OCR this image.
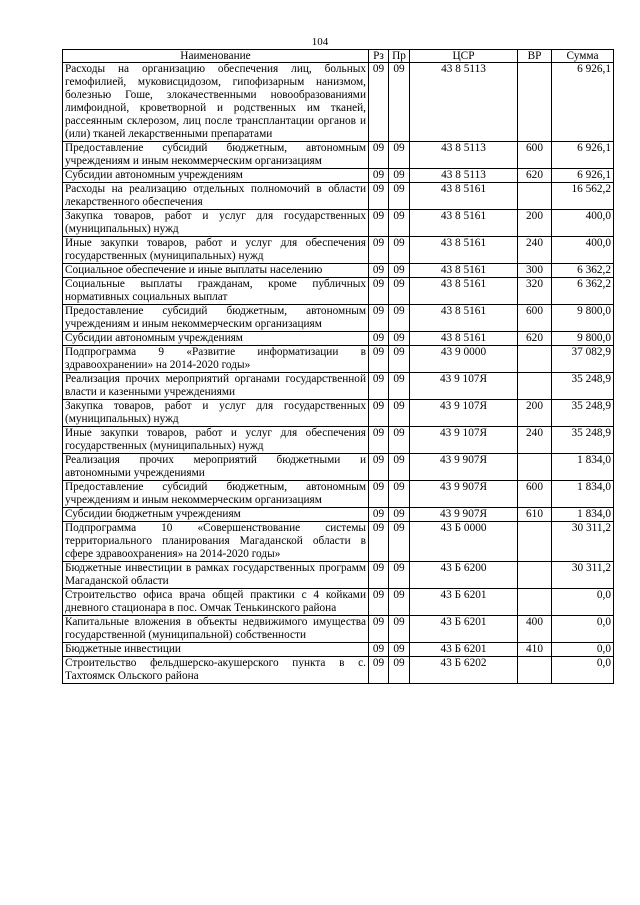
104
Наименование	Рз	Пр	ЦСР	ВР	Сумма
Расходы на организацию обеспечения лиц, больных гемофилией, муковисцидозом, гипофизарным нанизмом, болезнью Гоше, злокачественными новообразованиями лимфоидной, кроветворной и родственных им тканей, рассеянным склерозом, лиц после трансплантации органов и (или) тканей лекарственными препаратами	09	09	43 8 5113		6 926,1
Предоставление субсидий бюджетным, автономным учреждениям и иным некоммерческим организациям	09	09	43 8 5113	600	6 926,1
Субсидии автономным учреждениям	09	09	43 8 5113	620	6 926,1
Расходы на реализацию отдельных полномочий в области лекарственного обеспечения	09	09	43 8 5161		16 562,2
Закупка товаров, работ и услуг для государственных (муниципальных) нужд	09	09	43 8 5161	200	400,0
Иные закупки товаров, работ и услуг для обеспечения государственных (муниципальных) нужд	09	09	43 8 5161	240	400,0
Социальное обеспечение и иные выплаты населению	09	09	43 8 5161	300	6 362,2
Социальные выплаты гражданам, кроме публичных нормативных социальных выплат	09	09	43 8 5161	320	6 362,2
Предоставление субсидий бюджетным, автономным учреждениям и иным некоммерческим организациям	09	09	43 8 5161	600	9 800,0
Субсидии автономным учреждениям	09	09	43 8 5161	620	9 800,0
Подпрограмма 9 «Развитие информатизации в здравоохранении» на 2014-2020 годы»	09	09	43 9 0000		37 082,9
Реализация прочих мероприятий органами государственной власти и казенными учреждениями	09	09	43 9 107Я		35 248,9
Закупка товаров, работ и услуг для государственных (муниципальных) нужд	09	09	43 9 107Я	200	35 248,9
Иные закупки товаров, работ и услуг для обеспечения государственных (муниципальных) нужд	09	09	43 9 107Я	240	35 248,9
Реализация прочих мероприятий бюджетными и автономными учреждениями	09	09	43 9 907Я		1 834,0
Предоставление субсидий бюджетным, автономным учреждениям и иным некоммерческим организациям	09	09	43 9 907Я	600	1 834,0
Субсидии бюджетным учреждениям	09	09	43 9 907Я	610	1 834,0
Подпрограмма 10 «Совершенствование системы территориального планирования Магаданской области в сфере здравоохранения» на 2014-2020 годы»	09	09	43 Б 0000		30 311,2
Бюджетные инвестиции в рамках государственных программ Магаданской области	09	09	43 Б 6200		30 311,2
Строительство офиса врача общей практики с 4 койками дневного стационара в пос. Омчак Тенькинского района	09	09	43 Б 6201		0,0
Капитальные вложения в объекты недвижимого имущества государственной (муниципальной) собственности	09	09	43 Б 6201	400	0,0
Бюджетные инвестиции	09	09	43 Б 6201	410	0,0
Строительство фельдшерско-акушерского пункта в с. Тахтоямск Ольского района	09	09	43 Б 6202		0,0
